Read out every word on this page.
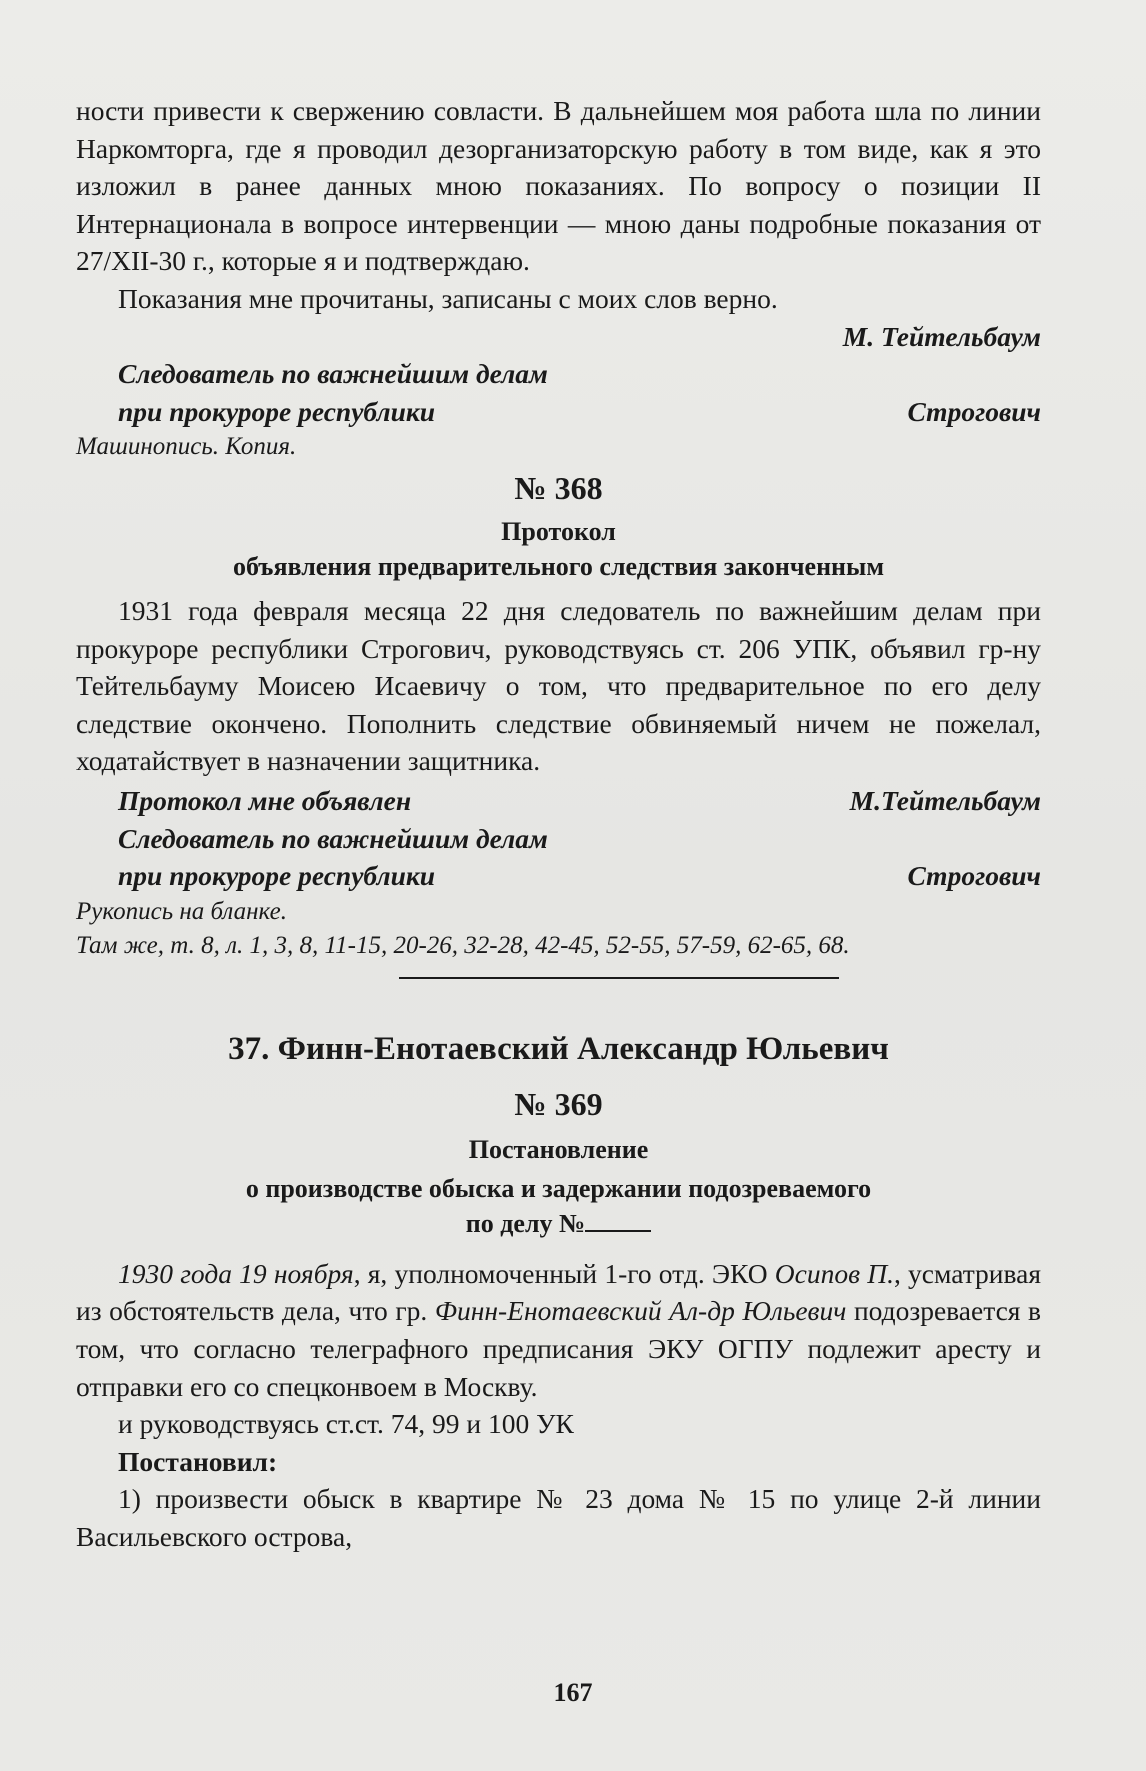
ности привести к свержению совласти. В дальнейшем моя работа шла по линии Наркомторга, где я проводил дезорганизаторскую работу в том виде, как я это изложил в ранее данных мною показаниях. По вопросу о позиции II Интернационала в вопросе интервенции — мною даны подробные показания от 27/XII-30 г., которые я и подтверждаю.

Показания мне прочитаны, записаны с моих слов верно.

М. Тейтельбаум

Следователь по важнейшим делам

при прокуроре республики	Строгович

Машинопись. Копия.

№ 368

Протокол

объявления предварительного следствия законченным

1931 года февраля месяца 22 дня следователь по важнейшим делам при прокуроре республики Строгович, руководствуясь ст. 206 УПК, объявил гр-ну Тейтельбауму Моисею Исаевичу о том, что предварительное по его делу следствие окончено. Пополнить следствие обвиняемый ничем не пожелал, ходатайствует в назначении защитника.

Протокол мне объявлен	М.Тейтельбаум

Следователь по важнейшим делам

при прокуроре республики	Строгович

Рукопись на бланке.

Там же, т. 8, л. 1, 3, 8, 11-15, 20-26, 32-28, 42-45, 52-55, 57-59, 62-65, 68.

37. Финн-Енотаевский Александр Юльевич

№ 369

Постановление

о производстве обыска и задержании подозреваемого

по делу №

1930 года 19 ноября, я, уполномоченный 1-го отд. ЭКО Осипов П., усматривая из обстоятельств дела, что гр. Финн-Енотаевский Ал-др Юльевич подозревается в том, что согласно телеграфного предписания ЭКУ ОГПУ подлежит аресту и отправки его со спецконвоем в Москву.

и руководствуясь ст.ст. 74, 99 и 100 УК

Постановил:

1) произвести обыск в квартире № 23 дома № 15 по улице 2-й линии Васильевского острова,

167
